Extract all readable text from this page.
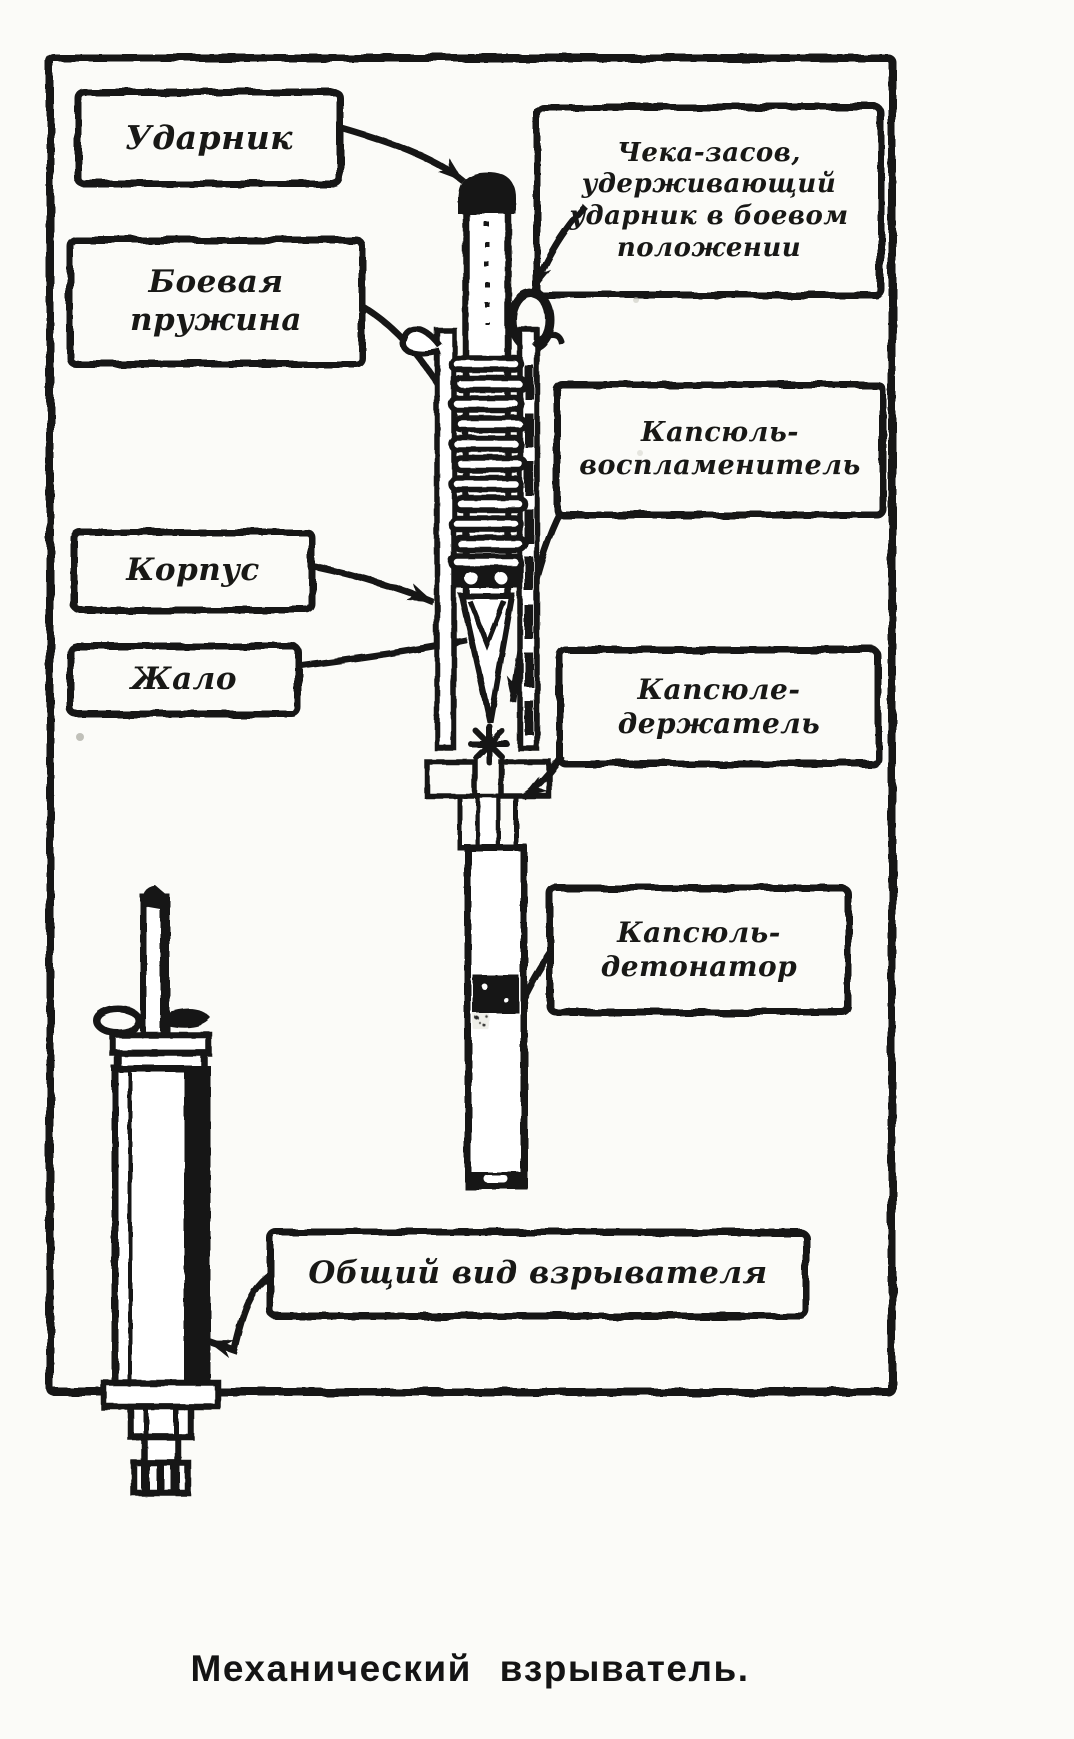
Ударник	Чека-засов,
удерживающий
ударник в боевом
положении
Боевая
пружина
Капсюль-
воспламенитель
Корпус
Жало	Капсюле-
держатель
Капсюль-
детонатор
Общий вид взрывателя
Механический взрыватель.
